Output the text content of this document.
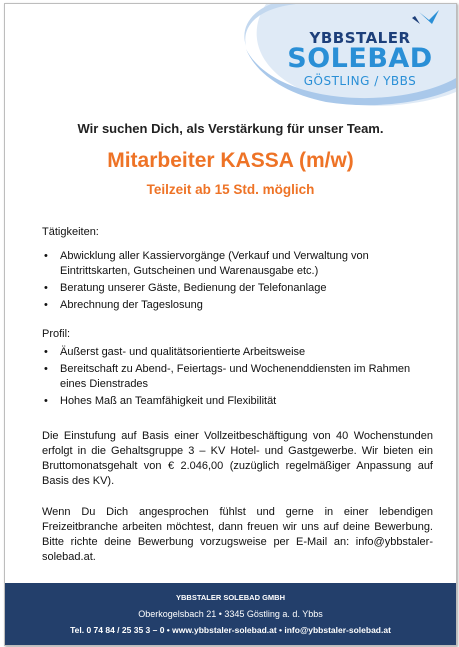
YBBSTALER
SOLEBAD
GÖSTLING / YBBS
Wir suchen Dich, als Verstärkung für unser Team.
Mitarbeiter KASSA (m/w)
Teilzeit ab 15 Std. möglich
Tätigkeiten:
• Abwicklung aller Kassiervorgänge (Verkauf und Verwaltung von Eintrittskarten, Gutscheinen und Warenausgabe etc.)
• Beratung unserer Gäste, Bedienung der Telefonanlage
• Abrechnung der Tageslosung
Profil:
• Äußerst gast- und qualitätsorientierte Arbeitsweise
• Bereitschaft zu Abend-, Feiertags- und Wochenenddiensten im Rahmen eines Dienstrades
• Hohes Maß an Teamfähigkeit und Flexibilität

Die Einstufung auf Basis einer Vollzeitbeschäftigung von 40 Wochenstunden erfolgt in die Gehaltsgruppe 3 – KV Hotel- und Gastgewerbe. Wir bieten ein Bruttomonatsgehalt von € 2.046,00 (zuzüglich regelmäßiger Anpassung auf Basis des KV).

Wenn Du Dich angesprochen fühlst und gerne in einer lebendigen Freizeitbranche arbeiten möchtest, dann freuen wir uns auf deine Bewerbung. Bitte richte deine Bewerbung vorzugsweise per E-Mail an: info@ybbstaler-solebad.at.

YBBSTALER SOLEBAD GMBH
Oberkogelsbach 21 • 3345 Göstling a. d. Ybbs
Tel. 0 74 84 / 25 35 3 – 0 • www.ybbstaler-solebad.at • info@ybbstaler-solebad.at
